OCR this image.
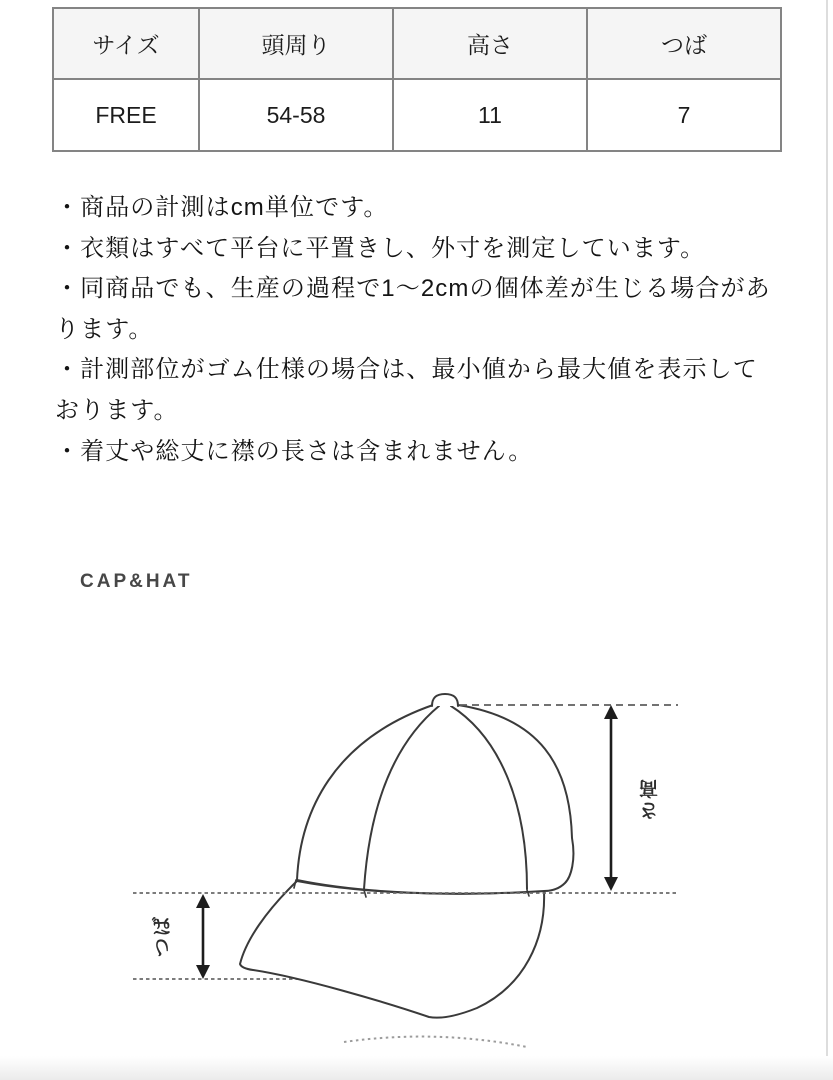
サイズ	頭周り	高さ	つば
FREE	54-58	11	7
・商品の計測はcm単位です。
・衣類はすべて平台に平置きし、外寸を測定しています。
・同商品でも、生産の過程で1〜2cmの個体差が生じる場合があ
ります。
・計測部位がゴム仕様の場合は、最小値から最大値を表示して
おります。
・着丈や総丈に襟の長さは含まれません。
CAP&HAT
高
さ
つば
